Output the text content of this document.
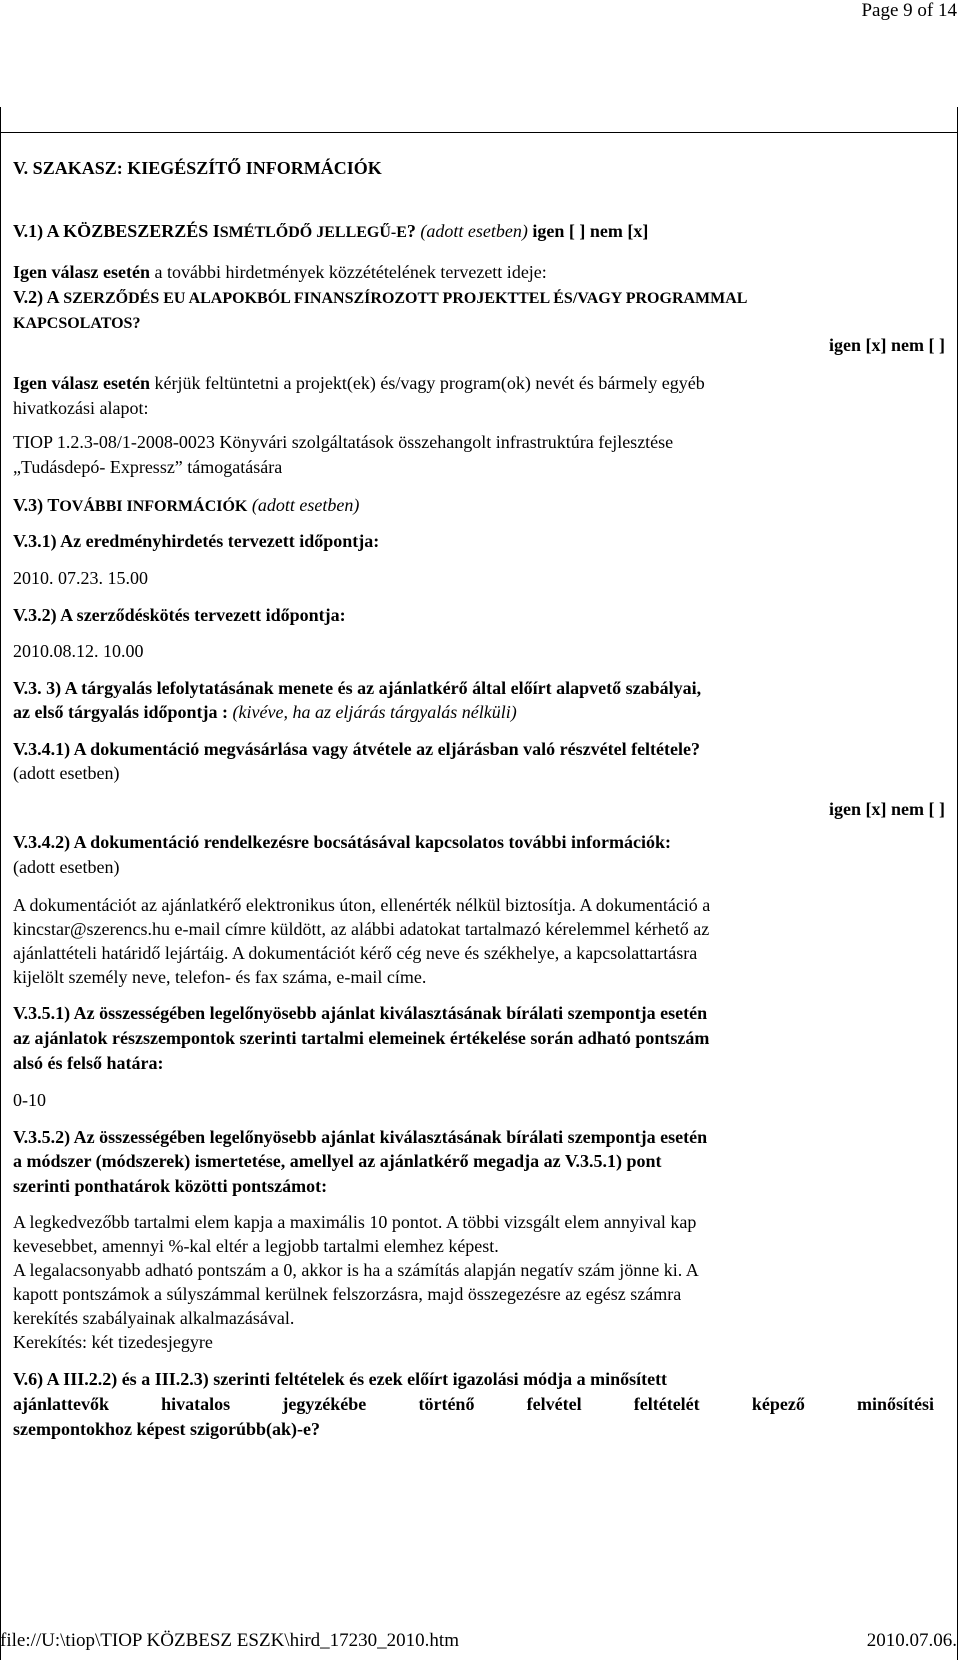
Page 9 of 14
V. SZAKASZ: KIEGÉSZÍTŐ INFORMÁCIÓK
V.1) A KÖZBESZERZÉS ISMÉTLŐDŐ JELLEGŰ-E? (adott esetben) igen [ ] nem [x]
Igen válasz esetén a további hirdetmények közzétételének tervezett ideje:
V.2) A SZERZŐDÉS EU ALAPOKBÓL FINANSZÍROZOTT PROJEKTTEL ÉS/VAGY PROGRAMMAL
KAPCSOLATOS?
igen [x] nem [ ]
Igen válasz esetén kérjük feltüntetni a projekt(ek) és/vagy program(ok) nevét és bármely egyéb
hivatkozási alapot:
TIOP 1.2.3-08/1-2008-0023 Könyvári szolgáltatások összehangolt infrastruktúra fejlesztése
„Tudásdepó- Expressz” támogatására
V.3) TOVÁBBI INFORMÁCIÓK (adott esetben)
V.3.1) Az eredményhirdetés tervezett időpontja:
2010. 07.23. 15.00
V.3.2) A szerződéskötés tervezett időpontja:
2010.08.12. 10.00
V.3. 3) A tárgyalás lefolytatásának menete és az ajánlatkérő által előírt alapvető szabályai,
az első tárgyalás időpontja : (kivéve, ha az eljárás tárgyalás nélküli)
V.3.4.1) A dokumentáció megvásárlása vagy átvétele az eljárásban való részvétel feltétele?
(adott esetben)
igen [x] nem [ ]
V.3.4.2) A dokumentáció rendelkezésre bocsátásával kapcsolatos további információk:
(adott esetben)
A dokumentációt az ajánlatkérő elektronikus úton, ellenérték nélkül biztosítja. A dokumentáció a
kincstar@szerencs.hu e-mail címre küldött, az alábbi adatokat tartalmazó kérelemmel kérhető az
ajánlattételi határidő lejártáig. A dokumentációt kérő cég neve és székhelye, a kapcsolattartásra
kijelölt személy neve, telefon- és fax száma, e-mail címe.
V.3.5.1) Az összességében legelőnyösebb ajánlat kiválasztásának bírálati szempontja esetén
az ajánlatok részszempontok szerinti tartalmi elemeinek értékelése során adható pontszám
alsó és felső határa:
0-10
V.3.5.2) Az összességében legelőnyösebb ajánlat kiválasztásának bírálati szempontja esetén
a módszer (módszerek) ismertetése, amellyel az ajánlatkérő megadja az V.3.5.1) pont
szerinti ponthatárok közötti pontszámot:
A legkedvezőbb tartalmi elem kapja a maximális 10 pontot. A többi vizsgált elem annyival kap
kevesebbet, amennyi %-kal eltér a legjobb tartalmi elemhez képest.
A legalacsonyabb adható pontszám a 0, akkor is ha a számítás alapján negatív szám jönne ki. A
kapott pontszámok a súlyszámmal kerülnek felszorzásra, majd összegezésre az egész számra
kerekítés szabályainak alkalmazásával.
Kerekítés: két tizedesjegyre
V.6) A III.2.2) és a III.2.3) szerinti feltételek és ezek előírt igazolási módja a minősített
ajánlattevők hivatalos jegyzékébe történő felvétel feltételét képező minősítési
szempontokhoz képest szigorúbb(ak)-e?
file://U:\tiop\TIOP KÖZBESZ ESZK\hird_17230_2010.htm	2010.07.06.
